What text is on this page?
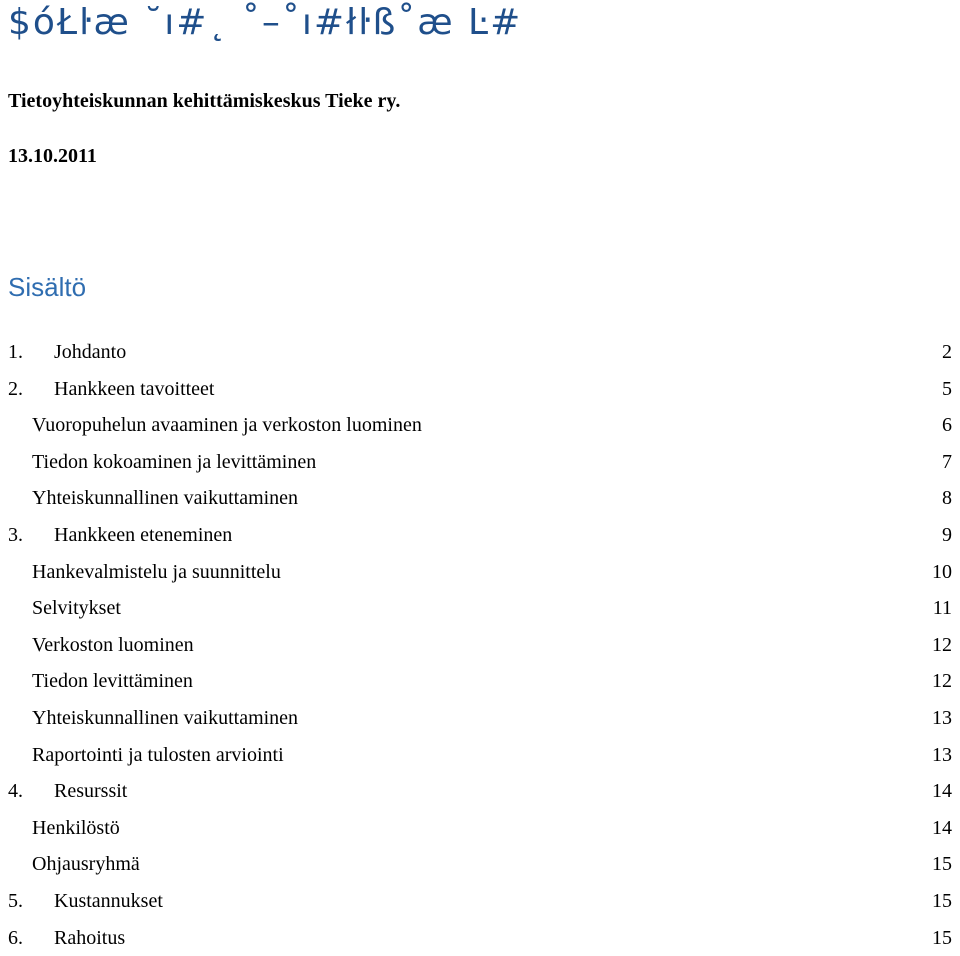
$óŁŀæ ˘ı#˛ ˚–˚ı#łŀß˚æ Ŀ#
Tietoyhteiskunnan kehittämiskeskus Tieke ry.
13.10.2011
Sisältö
1.	Johdanto	2
2.	Hankkeen tavoitteet	5
Vuoropuhelun avaaminen ja verkoston luominen	6
Tiedon kokoaminen ja levittäminen	7
Yhteiskunnallinen vaikuttaminen	8
3.	Hankkeen eteneminen	9
Hankevalmistelu ja suunnittelu	10
Selvitykset	11
Verkoston luominen	12
Tiedon levittäminen	12
Yhteiskunnallinen vaikuttaminen	13
Raportointi ja tulosten arviointi	13
4.	Resurssit	14
Henkilöstö	14
Ohjausryhmä	15
5.	Kustannukset	15
6.	Rahoitus	15
